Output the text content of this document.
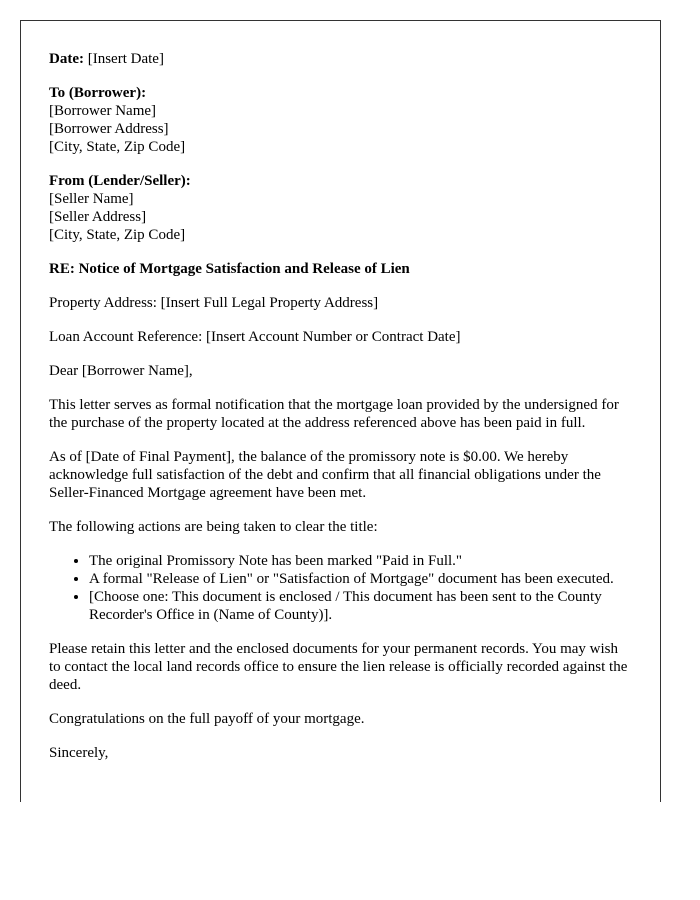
Date: [Insert Date]

To (Borrower):
[Borrower Name]
[Borrower Address]
[City, State, Zip Code]

From (Lender/Seller):
[Seller Name]
[Seller Address]
[City, State, Zip Code]

RE: Notice of Mortgage Satisfaction and Release of Lien

Property Address: [Insert Full Legal Property Address]

Loan Account Reference: [Insert Account Number or Contract Date]

Dear [Borrower Name],

This letter serves as formal notification that the mortgage loan provided by the undersigned for the purchase of the property located at the address referenced above has been paid in full.

As of [Date of Final Payment], the balance of the promissory note is $0.00. We hereby acknowledge full satisfaction of the debt and confirm that all financial obligations under the Seller-Financed Mortgage agreement have been met.

The following actions are being taken to clear the title:

• The original Promissory Note has been marked "Paid in Full."
• A formal "Release of Lien" or "Satisfaction of Mortgage" document has been executed.
• [Choose one: This document is enclosed / This document has been sent to the County Recorder's Office in (Name of County)].

Please retain this letter and the enclosed documents for your permanent records. You may wish to contact the local land records office to ensure the lien release is officially recorded against the deed.

Congratulations on the full payoff of your mortgage.

Sincerely,
